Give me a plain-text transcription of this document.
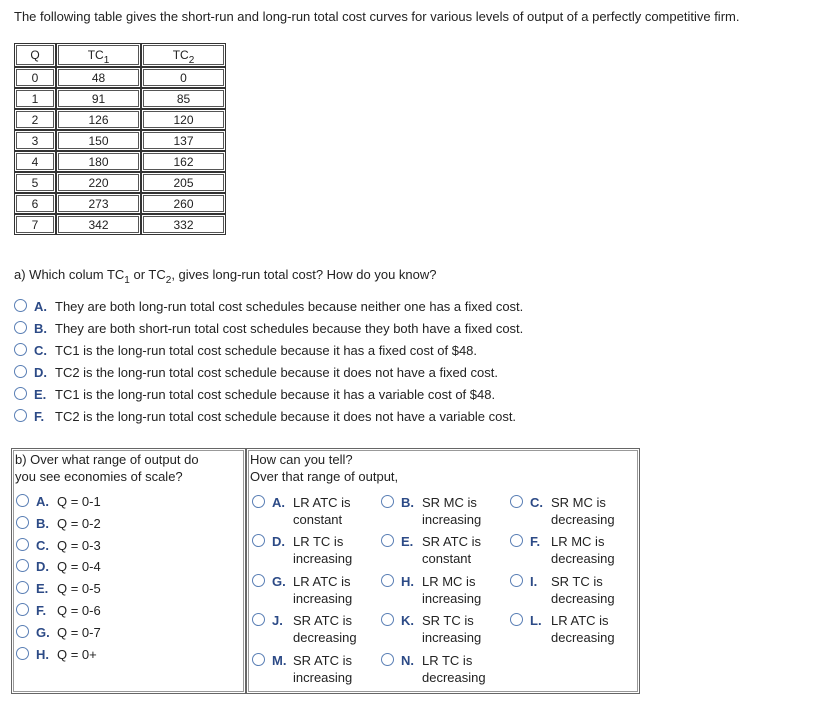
The following table gives the short-run and long-run total cost curves for various levels of output of a perfectly competitive firm.
Q	$TC_1$	$TC_2$
0	48	0
1	91	85
2	126	120
3	150	137
4	180	162
5	220	205
6	273	260
7	342	332
a) Which colum $TC_1$ or $TC_2$, gives long-run total cost? How do you know?
A. They are both long-run total cost schedules because neither one has a fixed cost.
B. They are both short-run total cost schedules because they both have a fixed cost.
C. TC1 is the long-run total cost schedule because it has a fixed cost of $48.
D. TC2 is the long-run total cost schedule because it does not have a fixed cost.
E. TC1 is the long-run total cost schedule because it has a variable cost of $48.
F. TC2 is the long-run total cost schedule because it does not have a variable cost.
b) Over what range of output do
you see economies of scale?
A. Q = 0-1
B. Q = 0-2
C. Q = 0-3
D. Q = 0-4
E. Q = 0-5
F. Q = 0-6
G. Q = 0-7
H. Q = 0+
How can you tell?
Over that range of output,
A. LR ATC is
constant
B. SR MC is
increasing
C. SR MC is
decreasing
D. LR TC is
increasing
E. SR ATC is
constant
F. LR MC is
decreasing
G. LR ATC is
increasing
H. LR MC is
increasing
I.	SR TC is
decreasing
J. SR ATC is
decreasing
K. SR TC is
increasing
L. LR ATC is
decreasing
M. SR ATC is
increasing
N. LR TC is
decreasing
